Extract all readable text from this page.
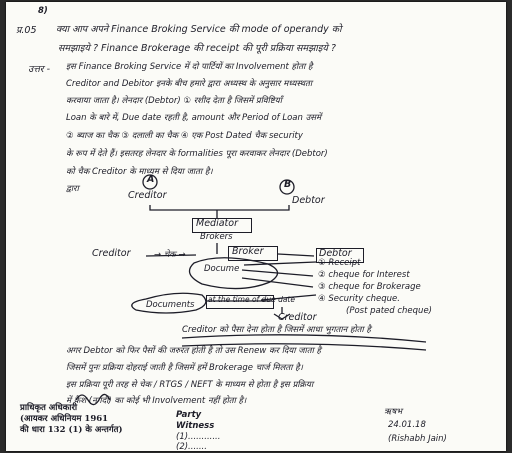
8)
प्र.05 क्या आप अपने Finance Broking Service की mode of operandy को
समझाइये ? Finance Brokerage की receipt की पूरी प्रक्रिया समझाइये ?
उत्तर - इस Finance Broking Service में दो पार्टियों का Involvement होता है
Creditor and Debitor इनके बीच हमारे द्वारा अध्यस्थ के अनुसार मध्यस्थता
करवाया जाता है। लेनदार (Debtor) ① रशीद देता है जिसमें प्रविष्टियाँ
Loan के बारे में, Due date रहती है, amount और Period of Loan उसमें
② ब्याज का चैक ③ दलाली का चैक ④ एक Post Dated चैक security
के रूप में देते हैं। इसतरह लेनदार के formalities पूरा करवाकर लेनदार (Debtor)
को चैक Creditor के माध्यम से दिया जाता है।
द्वारा
A
Creditor
B
Debtor
Mediator
Brokers
Creditor	→ चेक →	Broker	Debtor
Docume
① Receipt
② cheque for Interest
③ cheque for Brokerage
④ Security cheque.
(Post pated cheque)
Documents
at the time of due date
Creditor
Creditor को पैसा देना होता है जिसमें आधा भुगतान होता है
अगर Debtor को फिर पैसों की जरुरत होती है तो उस Renew कर दिया जाता है
जिसमें पुनः प्रक्रिया दोहराई जाती है जिसमें हमें Brokerage चार्ज मिलता है।
इस प्रक्रिया पूरी तरह से चेक / RTGS / NEFT के माध्यम से होता है इस प्रक्रिया
में कैश (नगदी) का कोई भी Involvement नहीं होता है।
प्राधिकृत अधिकारी
(आयकर अधिनियम 1961
की धारा 132 (1) के अन्तर्गत)
Party
Witness
(1)............
(2).......
ऋषभ
24.01.18
(Rishabh Jain)
